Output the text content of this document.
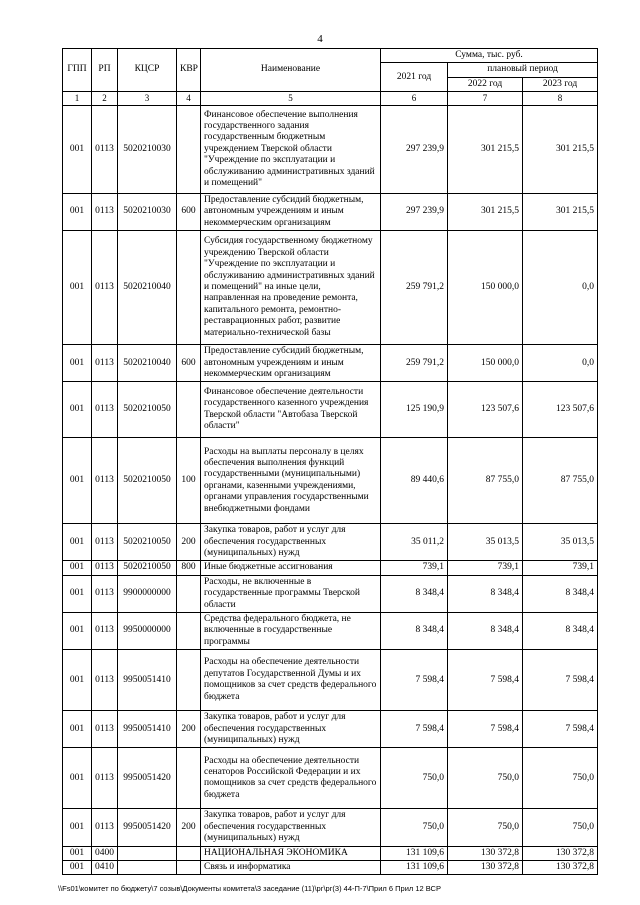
4
ГПП	РП	КЦСР	КВР	Наименование	Сумма, тыс. руб.		
					2021 год	плановый период	
						2022 год	2023 год
1	2	3	4	5	6	7	8
001	0113	5020210030		Финансовое обеспечение выполнения государственного задания государственным бюджетным учреждением Тверской области "Учреждение по эксплуатации и обслуживанию административных зданий и помещений"	297 239,9	301 215,5	301 215,5
001	0113	5020210030	600	Предоставление субсидий бюджетным, автономным учреждениям и иным некоммерческим организациям	297 239,9	301 215,5	301 215,5
001	0113	5020210040		Субсидия государственному бюджетному учреждению Тверской области "Учреждение по эксплуатации и обслуживанию административных зданий и помещений" на иные цели, направленная на проведение ремонта, капитального ремонта, ремонтно-реставрационных работ, развитие материально-технической базы	259 791,2	150 000,0	0,0
001	0113	5020210040	600	Предоставление субсидий бюджетным, автономным учреждениям и иным некоммерческим организациям	259 791,2	150 000,0	0,0
001	0113	5020210050		Финансовое обеспечение деятельности государственного казенного учреждения Тверской области "Автобаза Тверской области"	125 190,9	123 507,6	123 507,6
001	0113	5020210050	100	Расходы на выплаты персоналу в целях обеспечения выполнения функций государственными (муниципальными) органами, казенными учреждениями, органами управления государственными внебюджетными фондами	89 440,6	87 755,0	87 755,0
001	0113	5020210050	200	Закупка товаров, работ и услуг для обеспечения государственных (муниципальных) нужд	35 011,2	35 013,5	35 013,5
001	0113	5020210050	800	Иные бюджетные ассигнования	739,1	739,1	739,1
001	0113	9900000000		Расходы, не включенные в государственные программы Тверской области	8 348,4	8 348,4	8 348,4
001	0113	9950000000		Средства федерального бюджета, не включенные в государственные программы	8 348,4	8 348,4	8 348,4
001	0113	9950051410		Расходы на обеспечение деятельности депутатов Государственной Думы и их помощников за счет средств федерального бюджета	7 598,4	7 598,4	7 598,4
001	0113	9950051410	200	Закупка товаров, работ и услуг для обеспечения государственных (муниципальных) нужд	7 598,4	7 598,4	7 598,4
001	0113	9950051420		Расходы на обеспечение деятельности сенаторов Российской Федерации и их помощников за счет средств федерального бюджета	750,0	750,0	750,0
001	0113	9950051420	200	Закупка товаров, работ и услуг для обеспечения государственных (муниципальных) нужд	750,0	750,0	750,0
001	0400			НАЦИОНАЛЬНАЯ ЭКОНОМИКА	131 109,6	130 372,8	130 372,8
001	0410			Связь и информатика	131 109,6	130 372,8	130 372,8
\\Fs01\комитет по бюджету\7 созыв\Документы комитета\3 заседание (11)\рг\рг(3) 44-П-7\Прил 6 Прил 12 ВСР
